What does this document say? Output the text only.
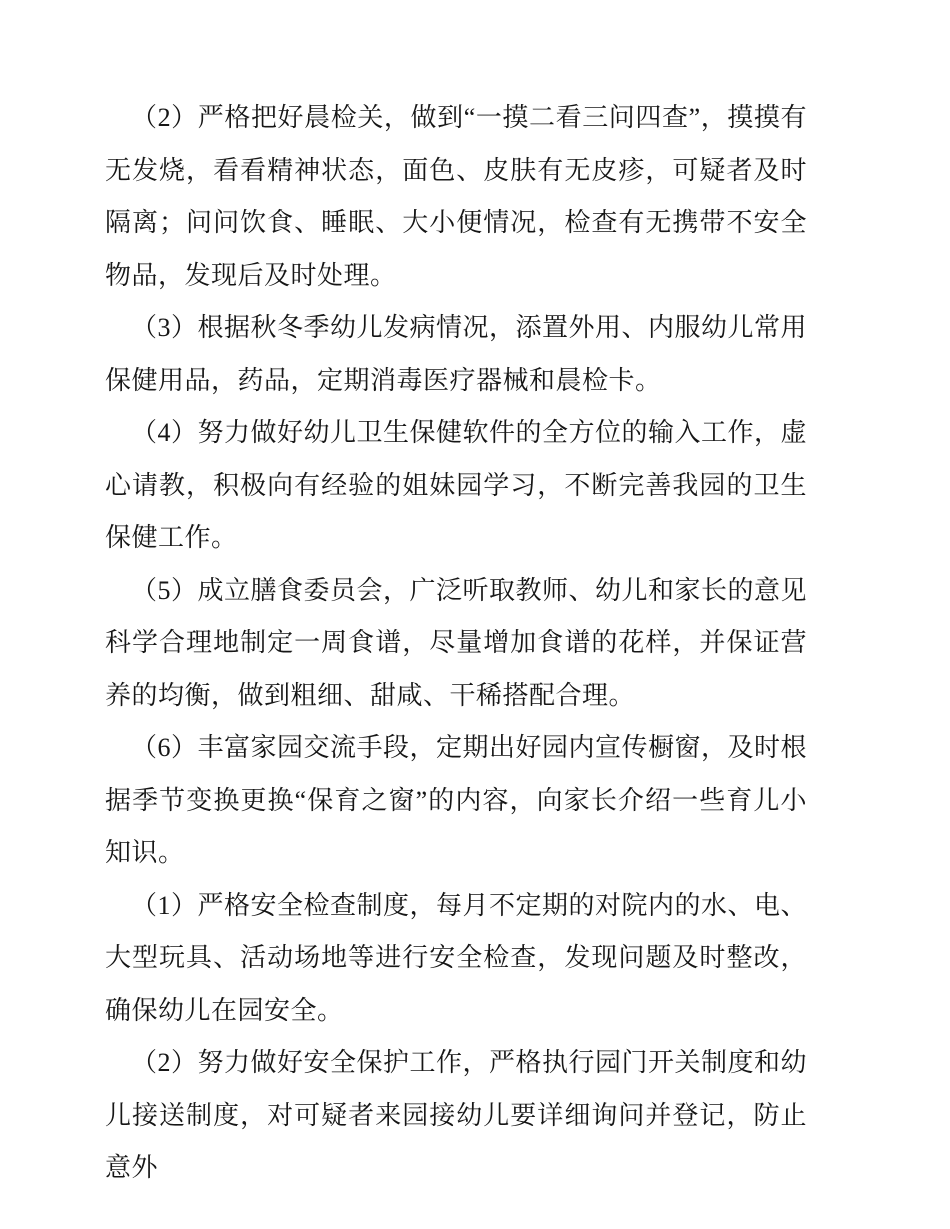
（2）严格把好晨检关，做到“一摸二看三问四查”，摸摸有无发烧，看看精神状态，面色、皮肤有无皮疹，可疑者及时隔离；问问饮食、睡眠、大小便情况，检查有无携带不安全物品，发现后及时处理。

（3）根据秋冬季幼儿发病情况，添置外用、内服幼儿常用保健用品，药品，定期消毒医疗器械和晨检卡。

（4）努力做好幼儿卫生保健软件的全方位的输入工作，虚心请教，积极向有经验的姐妹园学习，不断完善我园的卫生保健工作。

（5）成立膳食委员会，广泛听取教师、幼儿和家长的意见科学合理地制定一周食谱，尽量增加食谱的花样，并保证营养的均衡，做到粗细、甜咸、干稀搭配合理。

（6）丰富家园交流手段，定期出好园内宣传橱窗，及时根据季节变换更换“保育之窗”的内容，向家长介绍一些育儿小知识。

（1）严格安全检查制度，每月不定期的对院内的水、电、大型玩具、活动场地等进行安全检查，发现问题及时整改，确保幼儿在园安全。

（2）努力做好安全保护工作，严格执行园门开关制度和幼儿接送制度，对可疑者来园接幼儿要详细询问并登记，防止意外
